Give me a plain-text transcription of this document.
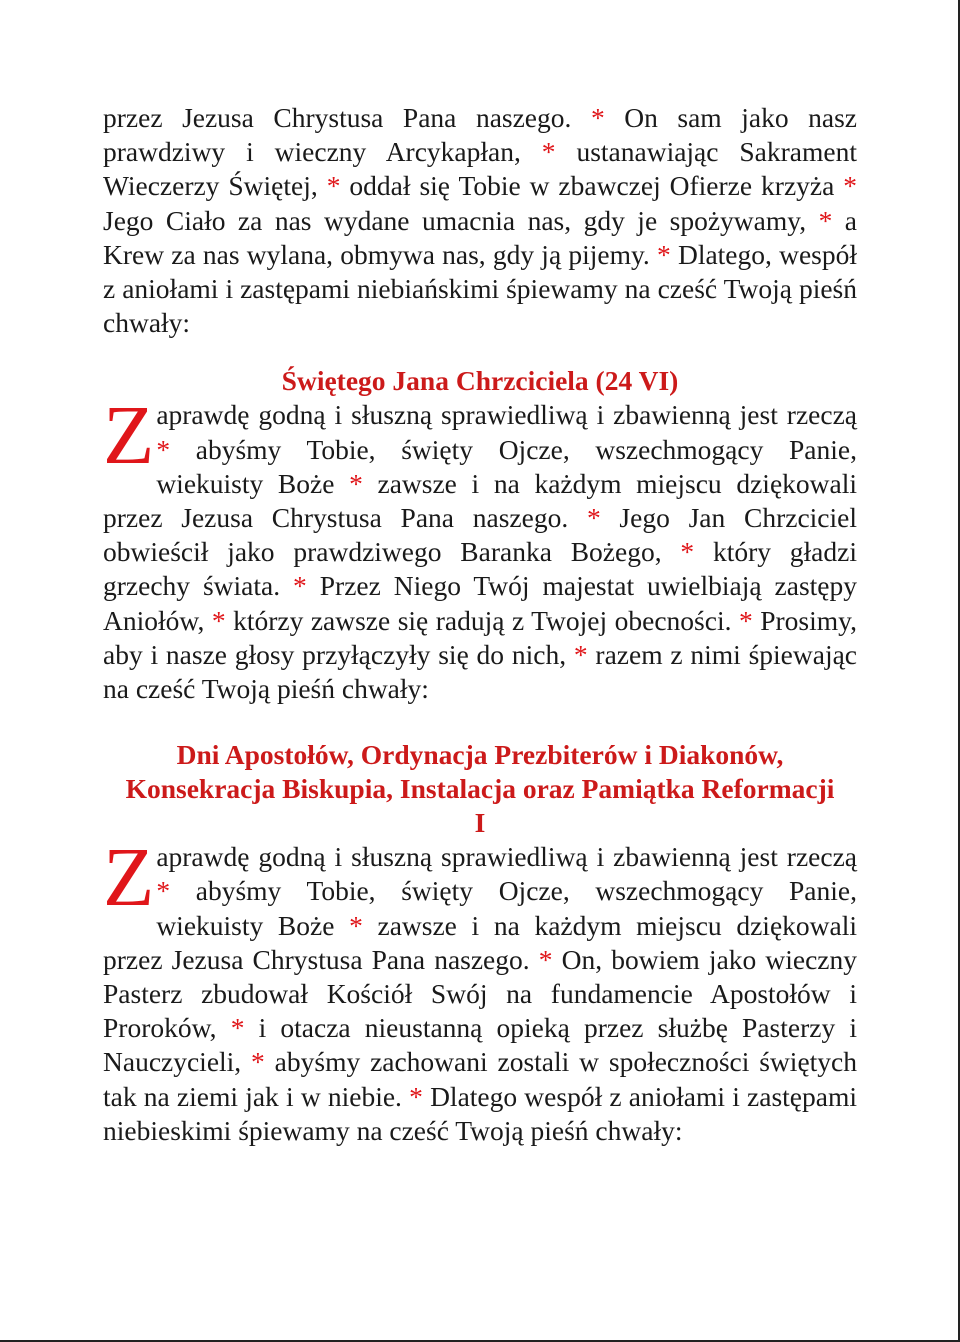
przez Jezusa Chrystusa Pana naszego. * On sam jako nasz prawdziwy i wieczny Arcykapłan, * ustanawiając Sakrament Wieczerzy Świętej, * oddał się Tobie w zbawczej Ofierze krzyża * Jego Ciało za nas wydane umacnia nas, gdy je spożywamy, * a Krew za nas wylana, obmywa nas, gdy ją pijemy. * Dlatego, wespół z aniołami i zastępami niebiańskimi śpiewamy na cześć Twoją pieśń chwały:

Świętego Jana Chrzciciela (24 VI)

Zaprawdę godną i słuszną sprawiedliwą i zbawienną jest rzeczą * abyśmy Tobie, święty Ojcze, wszechmogący Panie, wiekuisty Boże * zawsze i na każdym miejscu dziękowali przez Jezusa Chrystusa Pana naszego. * Jego Jan Chrzciciel obwieścił jako prawdziwego Baranka Bożego, * który gładzi grzechy świata. * Przez Niego Twój majestat uwielbiają zastępy Aniołów, * którzy zawsze się radują z Twojej obecności. * Prosimy, aby i nasze głosy przyłączyły się do nich, * razem z nimi śpiewając na cześć Twoją pieśń chwały:

Dni Apostołów, Ordynacja Prezbiterów i Diakonów, Konsekracja Biskupia, Instalacja oraz Pamiątka Reformacji
I

Zaprawdę godną i słuszną sprawiedliwą i zbawienną jest rzeczą * abyśmy Tobie, święty Ojcze, wszechmogący Panie, wiekuisty Boże * zawsze i na każdym miejscu dziękowali przez Jezusa Chrystusa Pana naszego. * On, bowiem jako wieczny Pasterz zbudował Kościół Swój na fundamencie Apostołów i Proroków, * i otacza nieustanną opieką przez służbę Pasterzy i Nauczycieli, * abyśmy zachowani zostali w społeczności świętych tak na ziemi jak i w niebie. * Dlatego wespół z aniołami i zastępami niebieskimi śpiewamy na cześć Twoją pieśń chwały:
